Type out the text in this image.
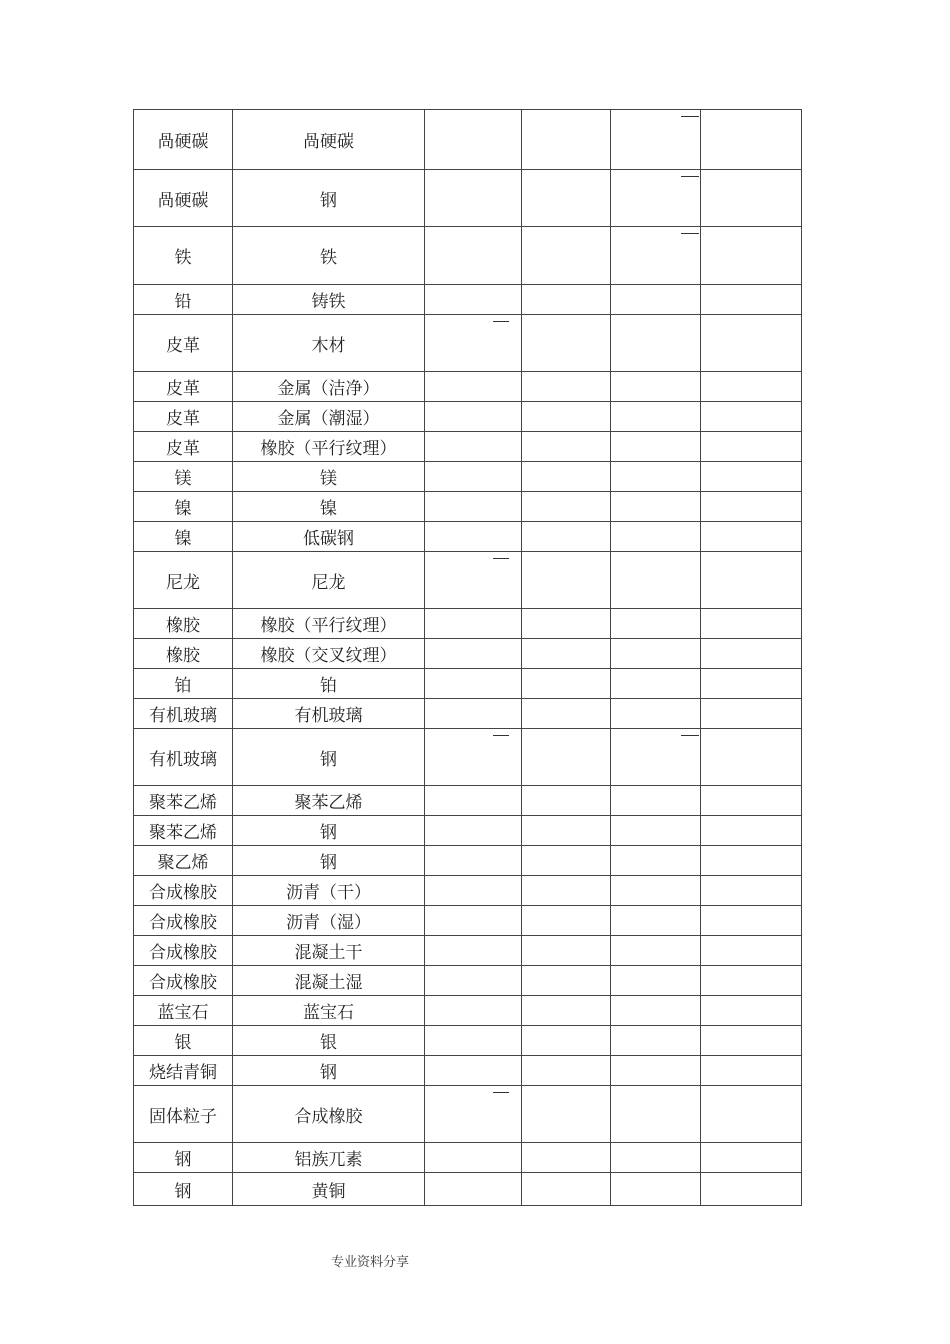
咼硬碳	咼硬碳			

咼硬碳	钢			

铁	铁			

铅	铸铁				
皮革	木材	

皮革	金属（洁净）				
皮革	金属（潮湿）				
皮革	橡胶（平行纹理）				
镁	镁				
镍	镍				
镍	低碳钢				
尼龙	尼龙	

橡胶	橡胶（平行纹理）				
橡胶	橡胶（交叉纹理）				
铂	铂				
有机玻璃	有机玻璃				
有机玻璃	钢	

聚苯乙烯	聚苯乙烯				
聚苯乙烯	钢				
聚乙烯	钢				
合成橡胶	沥青（干）				
合成橡胶	沥青（湿）				
合成橡胶	混凝土干				
合成橡胶	混凝土湿				
蓝宝石	蓝宝石				
银	银				
烧结青铜	钢				
固体粒子	合成橡胶	

钢	铝族兀素				
钢	黄铜				
专业资料分享
